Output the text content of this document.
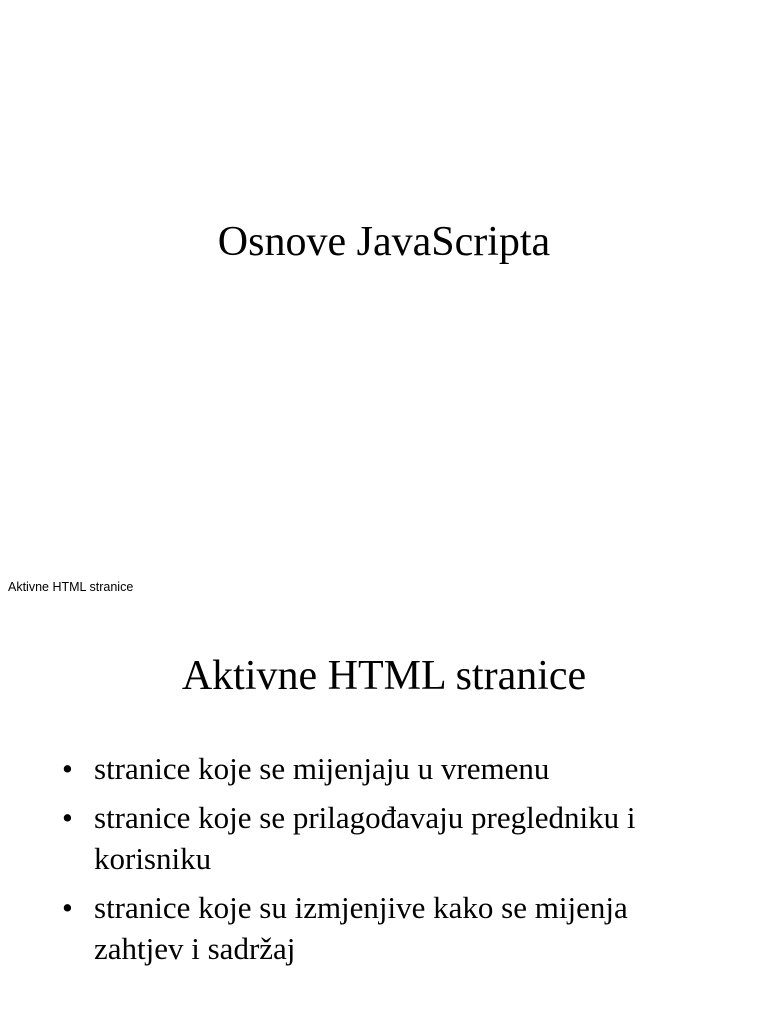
Osnove JavaScripta
Aktivne HTML stranice
Aktivne HTML stranice
• stranice koje se mijenjaju u vremenu
• stranice koje se prilagođavaju pregledniku i korisniku
• stranice koje su izmjenjive kako se mijenja zahtjev i sadržaj
